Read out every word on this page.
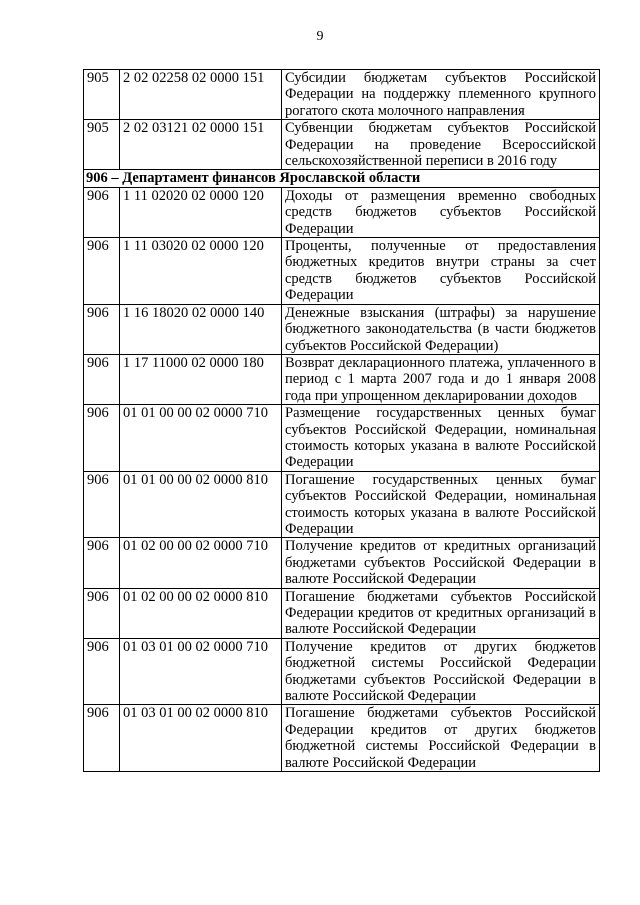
9
905	2 02 02258 02 0000 151	Субсидии бюджетам субъектов Российской Федерации на поддержку племенного крупного рогатого скота молочного направления
905	2 02 03121 02 0000 151	Субвенции бюджетам субъектов Российской Федерации на проведение Всероссийской сельскохозяйственной переписи в 2016 году
906 – Департамент финансов Ярославской области		
906	1 11 02020 02 0000 120	Доходы от размещения временно свободных средств бюджетов субъектов Российской Федерации
906	1 11 03020 02 0000 120	Проценты, полученные от предоставления бюджетных кредитов внутри страны за счет средств бюджетов субъектов Российской Федерации
906	1 16 18020 02 0000 140	Денежные взыскания (штрафы) за нарушение бюджетного законодательства (в части бюджетов субъектов Российской Федерации)
906	1 17 11000 02 0000 180	Возврат декларационного платежа, уплаченного в период с 1 марта 2007 года и до 1 января 2008 года при упрощенном декларировании доходов
906	01 01 00 00 02 0000 710	Размещение государственных ценных бумаг субъектов Российской Федерации, номинальная стоимость которых указана в валюте Российской Федерации
906	01 01 00 00 02 0000 810	Погашение государственных ценных бумаг субъектов Российской Федерации, номинальная стоимость которых указана в валюте Российской Федерации
906	01 02 00 00 02 0000 710	Получение кредитов от кредитных организаций бюджетами субъектов Российской Федерации в валюте Российской Федерации
906	01 02 00 00 02 0000 810	Погашение бюджетами субъектов Российской Федерации кредитов от кредитных организаций в валюте Российской Федерации
906	01 03 01 00 02 0000 710	Получение кредитов от других бюджетов бюджетной системы Российской Федерации бюджетами субъектов Российской Федерации в валюте Российской Федерации
906	01 03 01 00 02 0000 810	Погашение бюджетами субъектов Российской Федерации кредитов от других бюджетов бюджетной системы Российской Федерации в валюте Российской Федерации
